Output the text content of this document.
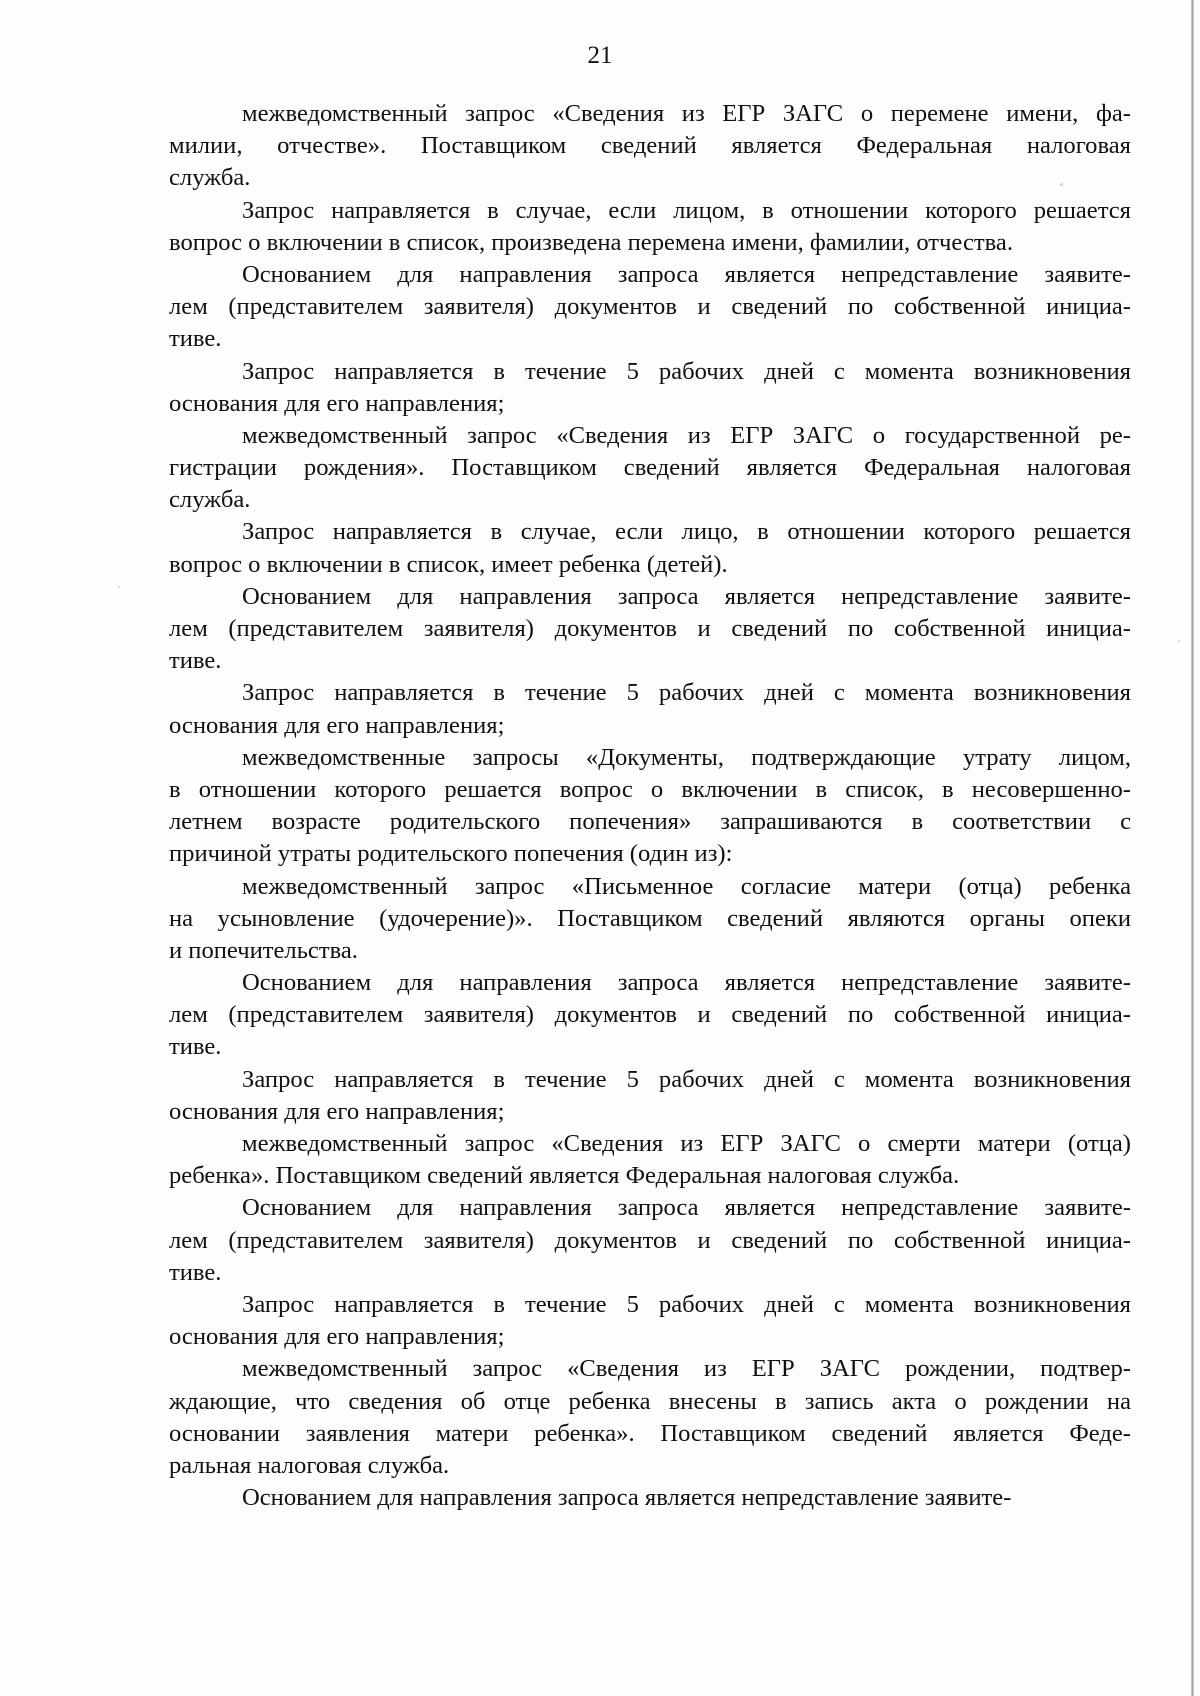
21
межведомственный запрос «Сведения из ЕГР ЗАГС о перемене имени, фа-
милии, отчестве». Поставщиком сведений является Федеральная налоговая
служба.
Запрос направляется в случае, если лицом, в отношении которого решается
вопрос о включении в список, произведена перемена имени, фамилии, отчества.
Основанием для направления запроса является непредставление заявите-
лем (представителем заявителя) документов и сведений по собственной инициа-
тиве.
Запрос направляется в течение 5 рабочих дней с момента возникновения
основания для его направления;
межведомственный запрос «Сведения из ЕГР ЗАГС о государственной ре-
гистрации рождения». Поставщиком сведений является Федеральная налоговая
служба.
Запрос направляется в случае, если лицо, в отношении которого решается
вопрос о включении в список, имеет ребенка (детей).
Основанием для направления запроса является непредставление заявите-
лем (представителем заявителя) документов и сведений по собственной инициа-
тиве.
Запрос направляется в течение 5 рабочих дней с момента возникновения
основания для его направления;
межведомственные запросы «Документы, подтверждающие утрату лицом,
в отношении которого решается вопрос о включении в список, в несовершенно-
летнем возрасте родительского попечения» запрашиваются в соответствии с
причиной утраты родительского попечения (один из):
межведомственный запрос «Письменное согласие матери (отца) ребенка
на усыновление (удочерение)». Поставщиком сведений являются органы опеки
и попечительства.
Основанием для направления запроса является непредставление заявите-
лем (представителем заявителя) документов и сведений по собственной инициа-
тиве.
Запрос направляется в течение 5 рабочих дней с момента возникновения
основания для его направления;
межведомственный запрос «Сведения из ЕГР ЗАГС о смерти матери (отца)
ребенка». Поставщиком сведений является Федеральная налоговая служба.
Основанием для направления запроса является непредставление заявите-
лем (представителем заявителя) документов и сведений по собственной инициа-
тиве.
Запрос направляется в течение 5 рабочих дней с момента возникновения
основания для его направления;
межведомственный запрос «Сведения из ЕГР ЗАГС рождении, подтвер-
ждающие, что сведения об отце ребенка внесены в запись акта о рождении на
основании заявления матери ребенка». Поставщиком сведений является Феде-
ральная налоговая служба.
Основанием для направления запроса является непредставление заявите-
